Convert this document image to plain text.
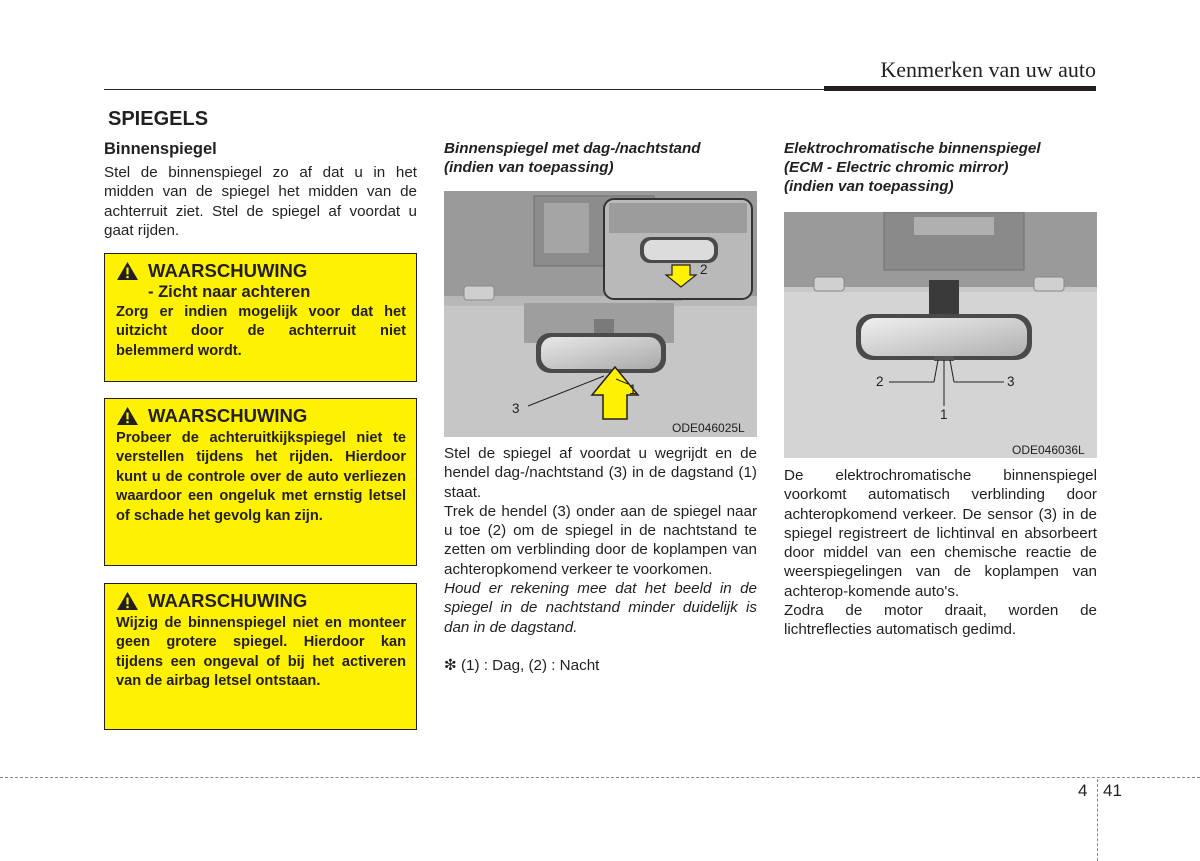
Kenmerken van uw auto
SPIEGELS
Binnenspiegel

Stel de binnenspiegel zo af dat u in het midden van de spiegel het midden van de achterruit ziet. Stel de spiegel af voordat u gaat rijden.

WAARSCHUWING
- Zicht naar achteren
Zorg er indien mogelijk voor dat het uitzicht door de achterruit niet belemmerd wordt.
WAARSCHUWING
Probeer de achteruitkijkspiegel niet te verstellen tijdens het rijden. Hierdoor kunt u de controle over de auto verliezen waardoor een ongeluk met ernstig letsel of schade het gevolg kan zijn.
WAARSCHUWING
Wijzig de binnenspiegel niet en monteer geen grotere spiegel. Hierdoor kan tijdens een ongeval of bij het activeren van de airbag letsel ontstaan.
Binnenspiegel met dag-/nachtstand
(indien van toepassing)
1
2
3
ODE046025L

Stel de spiegel af voordat u wegrijdt en de hendel dag-/nachtstand (3) in de dagstand (1) staat.

Trek de hendel (3) onder aan de spiegel naar u toe (2) om de spiegel in de nachtstand te zetten om verblinding door de koplampen van achteropkomend verkeer te voorkomen.

Houd er rekening mee dat het beeld in de spiegel in de nachtstand minder duidelijk is dan in de dagstand.

❇ (1) : Dag, (2) : Nacht

Elektrochromatische binnenspiegel
(ECM - Electric chromic mirror)
(indien van toepassing)
2	3
1
ODE046036L

De elektrochromatische binnenspiegel voorkomt automatisch verblinding door achteropkomend verkeer. De sensor (3) in de spiegel registreert de lichtinval en absorbeert door middel van een chemische reactie de weerspiegelingen van de koplampen van achterop-komende auto's.

Zodra de motor draait, worden de lichtreflecties automatisch gedimd.

4 41
